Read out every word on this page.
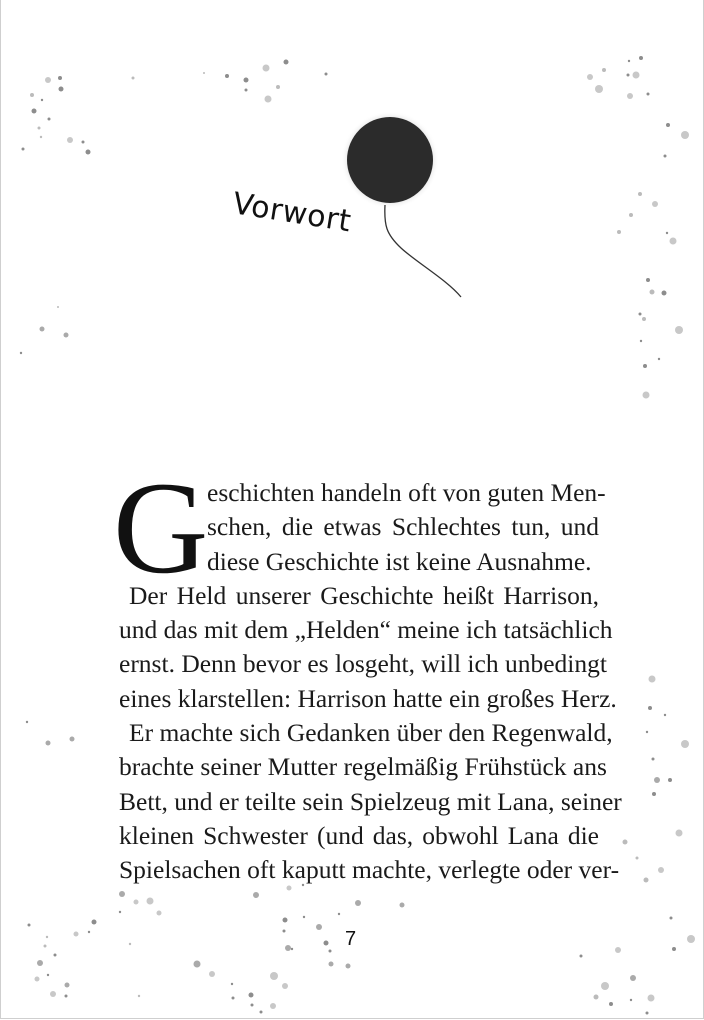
Vorwort
G
eschichten handeln oft von guten Men-
schen, die etwas Schlechtes tun, und
diese Geschichte ist keine Ausnahme.
Der Held unserer Geschichte heißt Harrison,
und das mit dem „Helden“ meine ich tatsächlich
ernst. Denn bevor es losgeht, will ich unbedingt
eines klarstellen: Harrison hatte ein großes Herz.
Er machte sich Gedanken über den Regenwald,
brachte seiner Mutter regelmäßig Frühstück ans
Bett, und er teilte sein Spielzeug mit Lana, seiner
kleinen Schwester (und das, obwohl Lana die
Spielsachen oft kaputt machte, verlegte oder ver-
7
